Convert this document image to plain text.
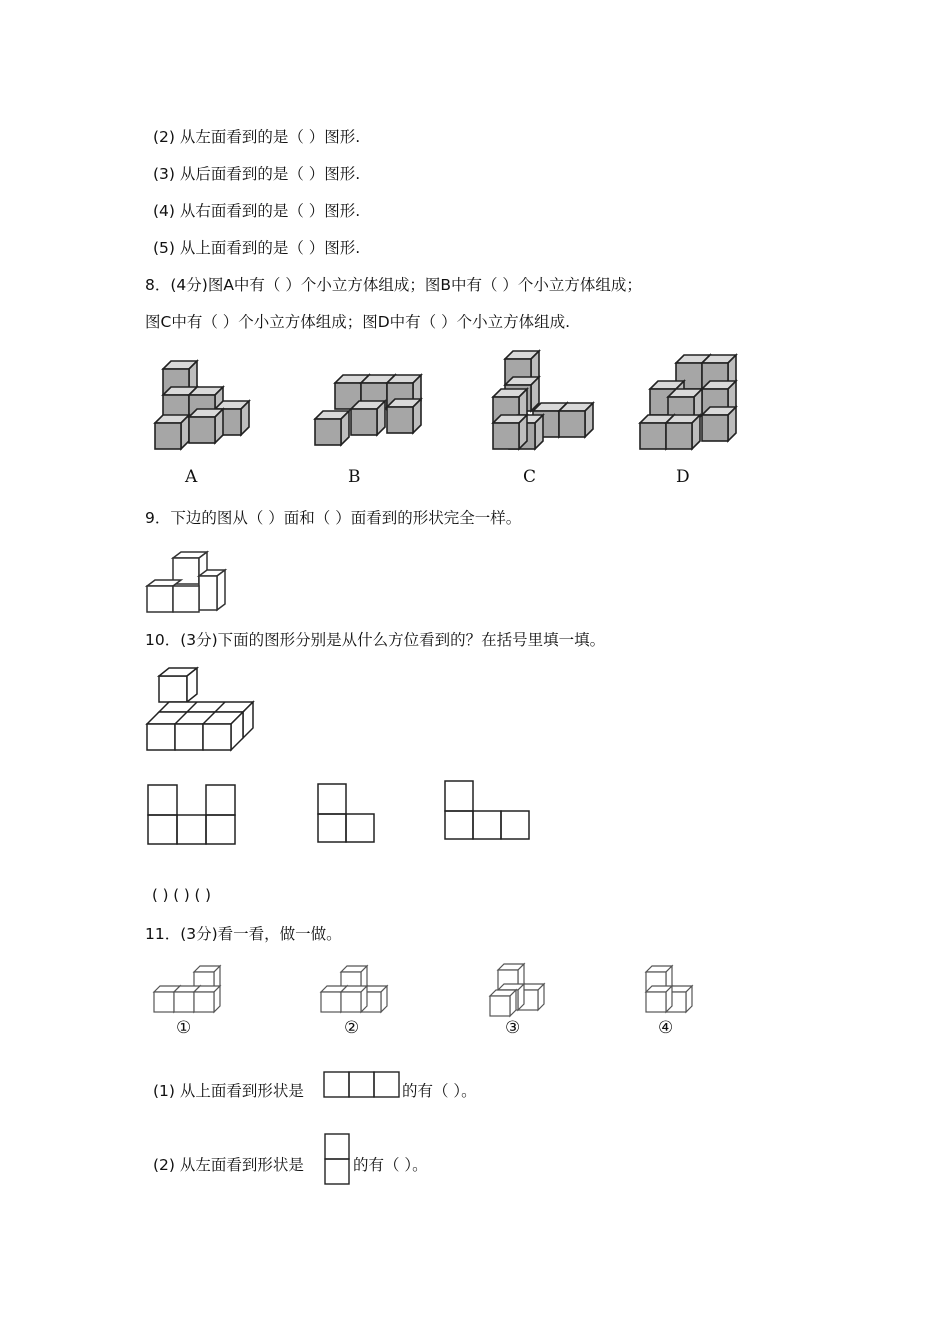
(2) 从左面看到的是（ ）图形.
(3) 从后面看到的是（ ）图形.
(4) 从右面看到的是（ ）图形.
(5) 从上面看到的是（ ）图形.
8．(4分)图A中有（ ）个小立方体组成；图B中有（ ）个小立方体组成；
图C中有（ ）个小立方体组成；图D中有（ ）个小立方体组成.
A	B	C	D
9．下边的图从（ ）面和（ ）面看到的形状完全一样。
10．(3分)下面的图形分别是从什么方位看到的？在括号里填一填。
( ) ( ) ( )
11．(3分)看一看，做一做。
①	②	③	④
(1) 从上面看到形状是	的有（ ）。
(2) 从左面看到形状是	的有（ ）。
